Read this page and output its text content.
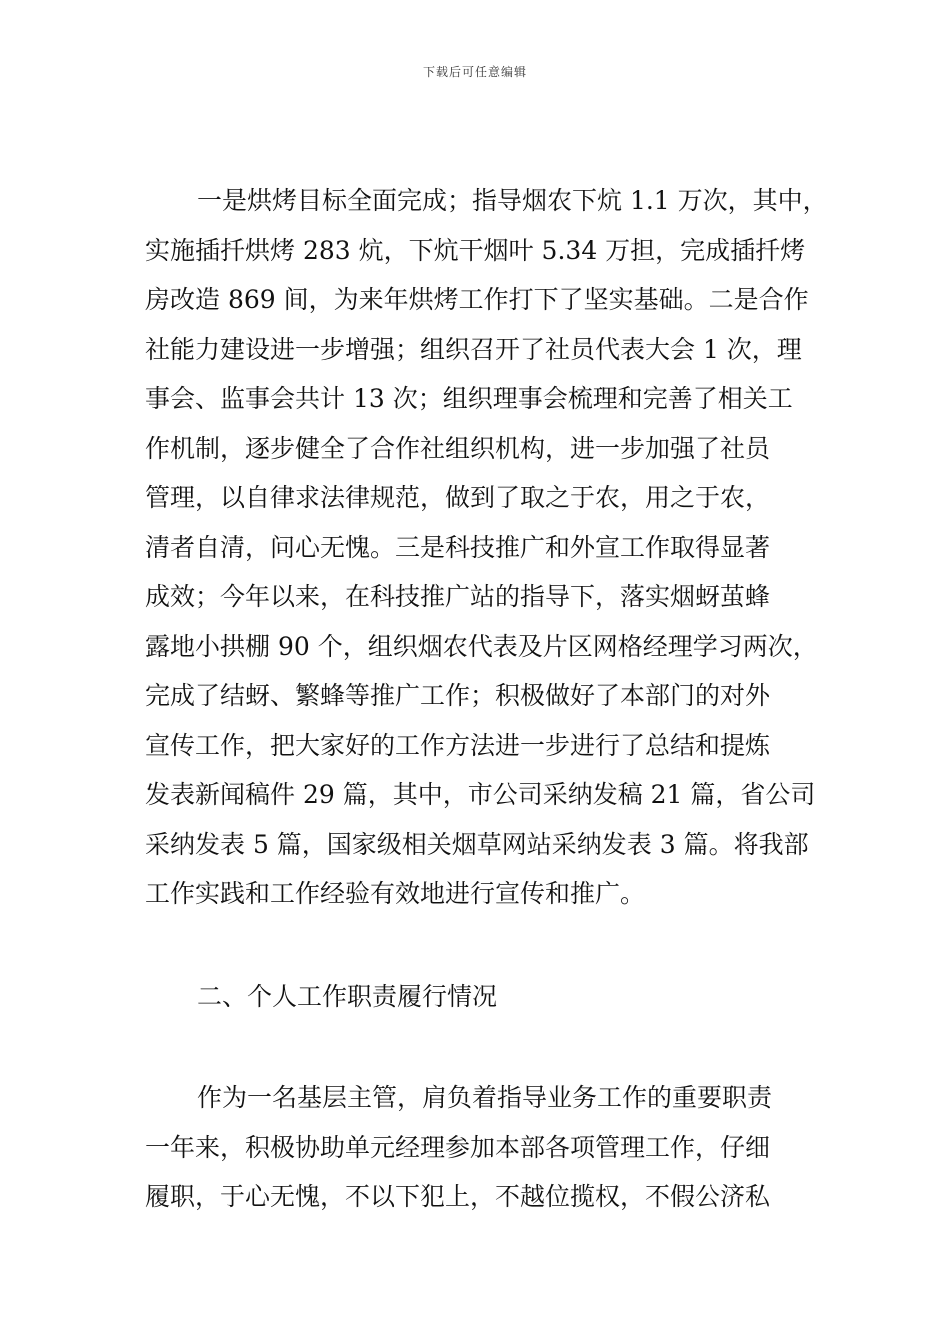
下载后可任意编辑
一是烘烤目标全面完成；指导烟农下炕 1.1 万次，其中，
实施插扦烘烤 283 炕，下炕干烟叶 5.34 万担，完成插扦烤
房改造 869 间，为来年烘烤工作打下了坚实基础。二是合作
社能力建设进一步增强；组织召开了社员代表大会 1 次，理
事会、监事会共计 13 次；组织理事会梳理和完善了相关工
作机制，逐步健全了合作社组织机构，进一步加强了社员
管理，以自律求法律规范，做到了取之于农，用之于农，
清者自清，问心无愧。三是科技推广和外宣工作取得显著
成效；今年以来，在科技推广站的指导下，落实烟蚜茧蜂
露地小拱棚 90 个，组织烟农代表及片区网格经理学习两次，
完成了结蚜、繁蜂等推广工作；积极做好了本部门的对外
宣传工作，把大家好的工作方法进一步进行了总结和提炼
发表新闻稿件 29 篇，其中，市公司采纳发稿 21 篇，省公司
采纳发表 5 篇，国家级相关烟草网站采纳发表 3 篇。将我部
工作实践和工作经验有效地进行宣传和推广。
二、个人工作职责履行情况
作为一名基层主管，肩负着指导业务工作的重要职责
一年来，积极协助单元经理参加本部各项管理工作，仔细
履职，于心无愧，不以下犯上，不越位揽权，不假公济私
